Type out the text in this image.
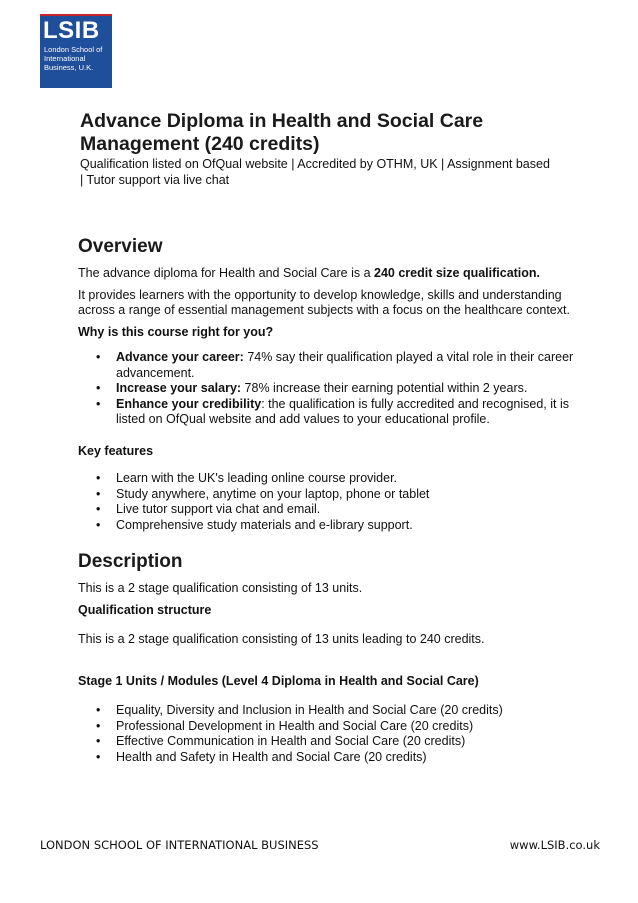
LSIB
London School of
International
Business, U.K.
Advance Diploma in Health and Social Care Management (240 credits)

Qualification listed on OfQual website | Accredited by OTHM, UK | Assignment based | Tutor support via live chat

Overview

The advance diploma for Health and Social Care is a 240 credit size qualification.

It provides learners with the opportunity to develop knowledge, skills and understanding across a range of essential management subjects with a focus on the healthcare context.

Why is this course right for you?

• Advance your career: 74% say their qualification played a vital role in their career advancement.
• Increase your salary: 78% increase their earning potential within 2 years.
• Enhance your credibility: the qualification is fully accredited and recognised, it is listed on OfQual website and add values to your educational profile.

Key features

• Learn with the UK's leading online course provider.
• Study anywhere, anytime on your laptop, phone or tablet
• Live tutor support via chat and email.
• Comprehensive study materials and e-library support.
Description

This is a 2 stage qualification consisting of 13 units.

Qualification structure

This is a 2 stage qualification consisting of 13 units leading to 240 credits.

Stage 1 Units / Modules (Level 4 Diploma in Health and Social Care)

• Equality, Diversity and Inclusion in Health and Social Care (20 credits)
• Professional Development in Health and Social Care (20 credits)
• Effective Communication in Health and Social Care (20 credits)
• Health and Safety in Health and Social Care (20 credits)
LONDON SCHOOL OF INTERNATIONAL BUSINESS	www.LSIB.co.uk
